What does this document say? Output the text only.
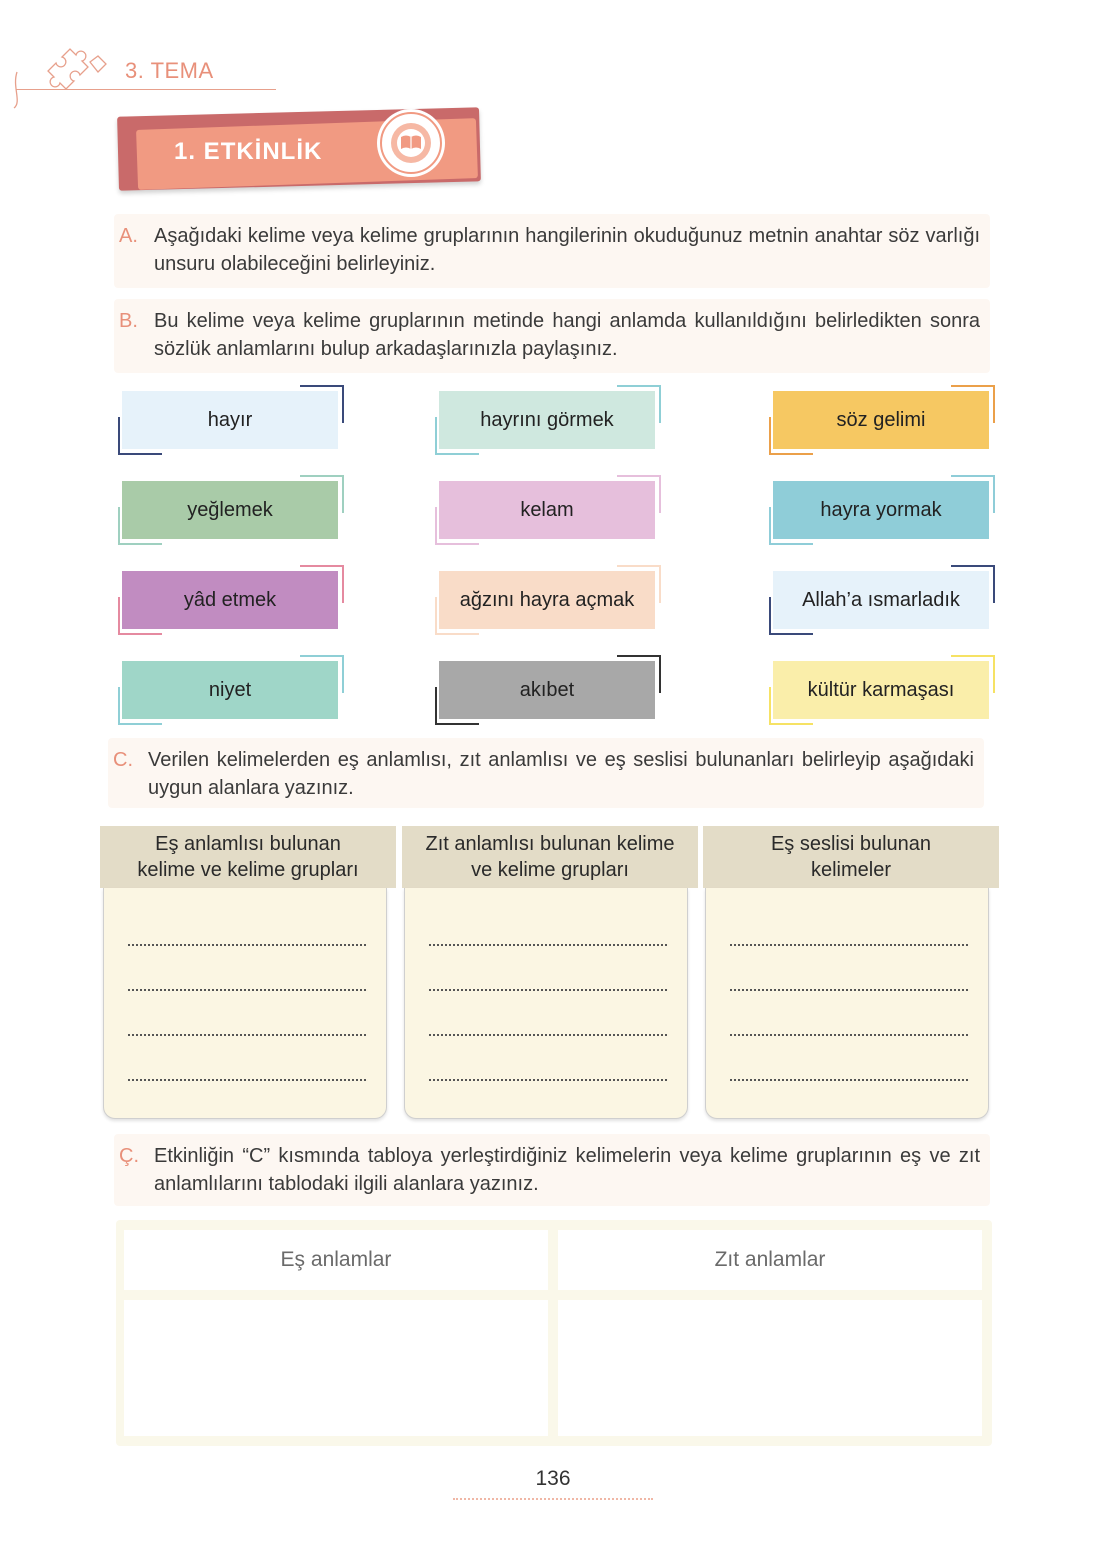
3. TEMA
1. ETKİNLİK
A. Aşağıdaki kelime veya kelime gruplarının hangilerinin okuduğunuz metnin anahtar söz varlığı unsuru olabileceğini belirleyiniz.
B. Bu kelime veya kelime gruplarının metinde hangi anlamda kullanıldığını belirledikten sonra sözlük anlamlarını bulup arkadaşlarınızla paylaşınız.
hayır	hayrını görmek	söz gelimi
yeğlemek	kelam	hayra yormak
yâd etmek	ağzını hayra açmak	Allah’a ısmarladık
niyet	akıbet	kültür karmaşası
C. Verilen kelimelerden eş anlamlısı, zıt anlamlısı ve eş seslisi bulunanları belirleyip aşağıdaki uygun alanlara yazınız.
Eş anlamlısı bulunan kelime ve kelime grupları
Zıt anlamlısı bulunan kelime ve kelime grupları
Eş seslisi bulunan kelimeler
Ç. Etkinliğin “C” kısmında tabloya yerleştirdiğiniz kelimelerin veya kelime gruplarının eş ve zıt anlamlılarını tablodaki ilgili alanlara yazınız.
Eş anlamlar	Zıt anlamlar
136
